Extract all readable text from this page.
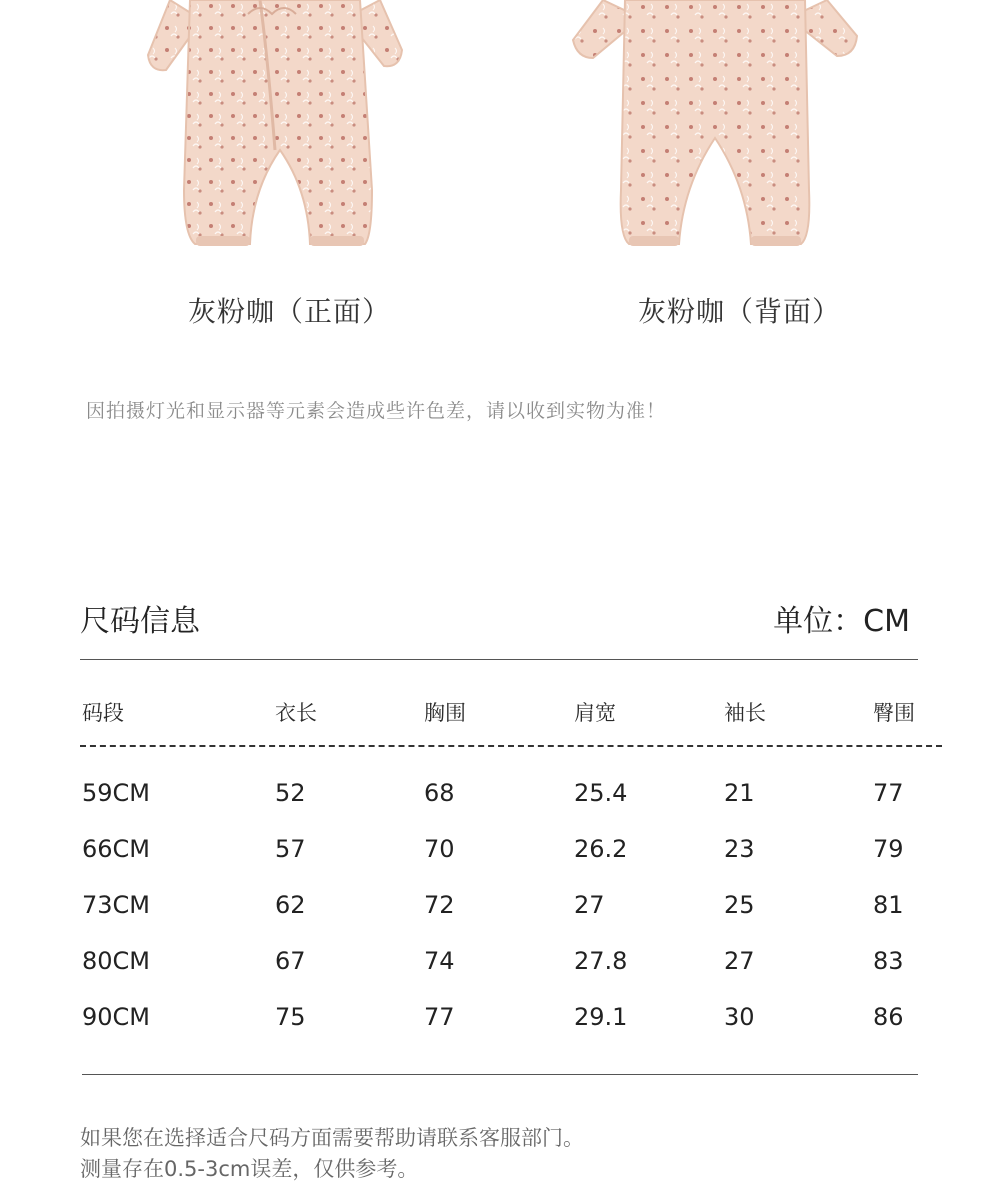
灰粉咖（正面）	灰粉咖（背面）
因拍摄灯光和显示器等元素会造成些许色差，请以收到实物为准！
尺码信息	单位：CM
码段	衣长	胸围	肩宽	袖长	臀围
59CM	52	68	25.4	21	77
66CM	57	70	26.2	23	79
73CM	62	72	27	25	81
80CM	67	74	27.8	27	83
90CM	75	77	29.1	30	86
如果您在选择适合尺码方面需要帮助请联系客服部门。
测量存在0.5-3cm误差，仅供参考。
